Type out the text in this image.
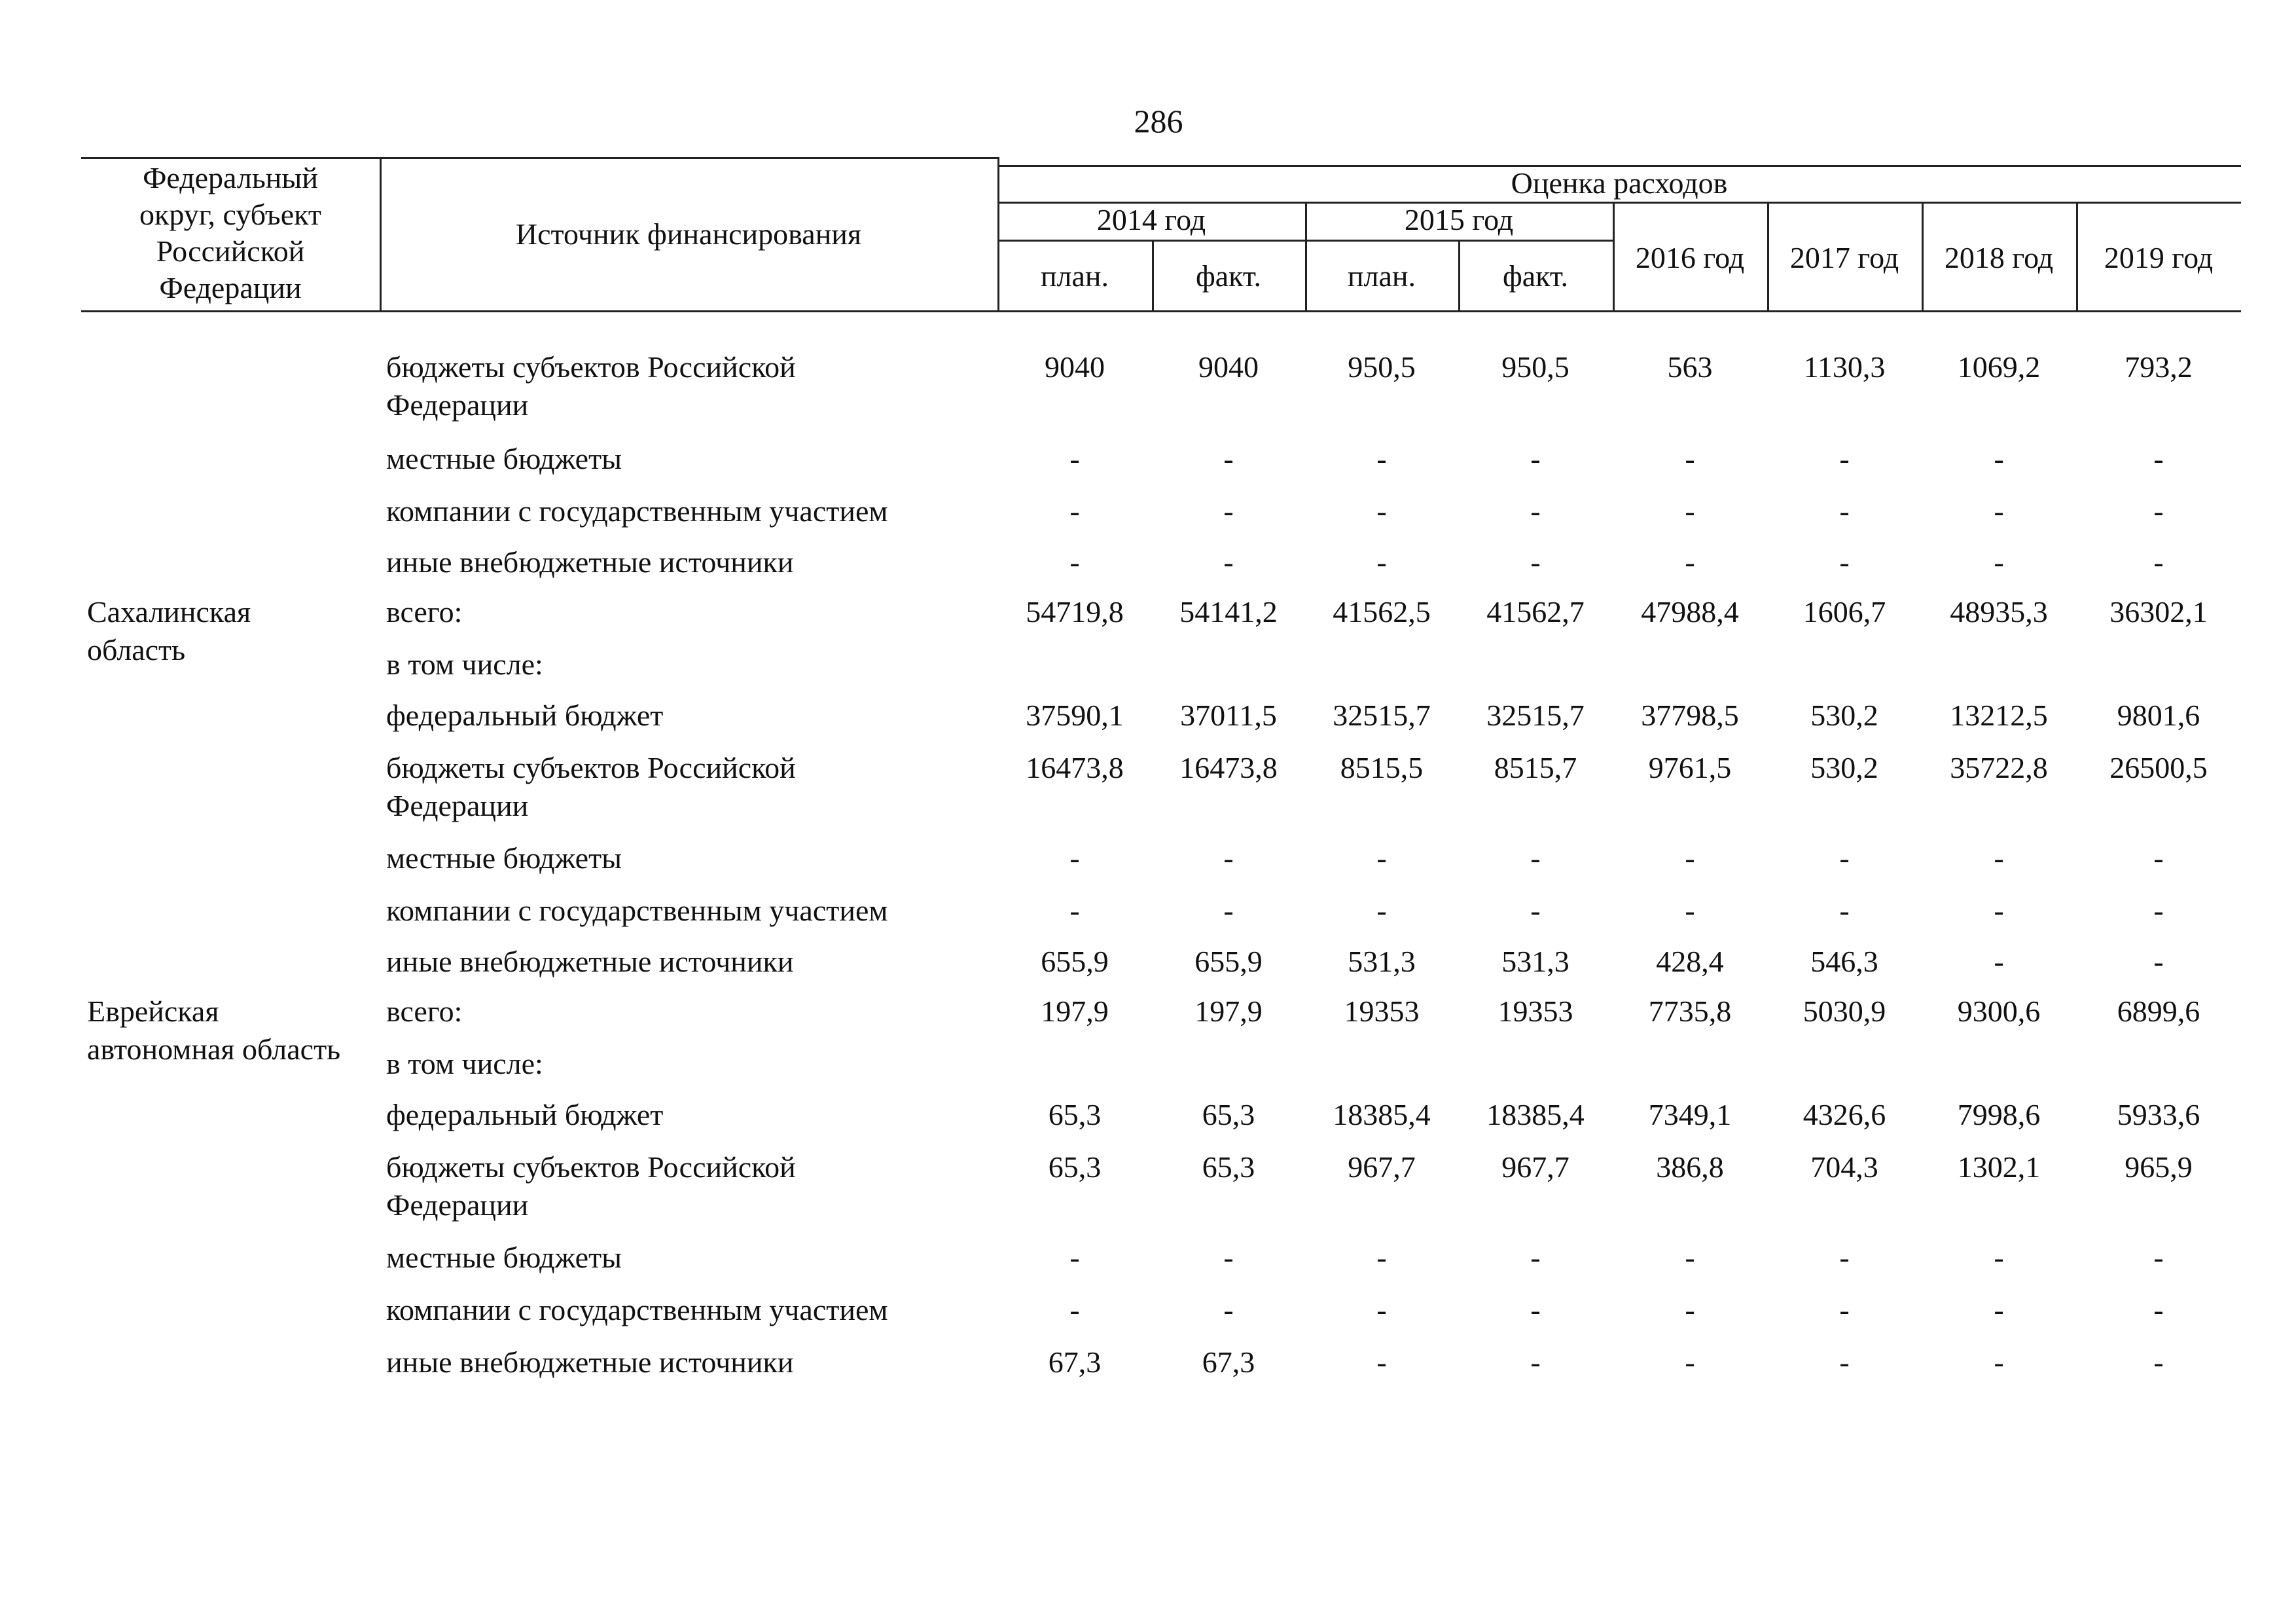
286
Федеральный
округ, субъект
Российской
Федерации
Источник финансирования
Оценка расходов
2014 год	2015 год
план.	факт.	план.	факт.
2016 год	2017 год	2018 год	2019 год
бюджеты субъектов Российской
Федерации
9040	9040	950,5	950,5	563	1130,3	1069,2	793,2
местные бюджеты	-	-	-	-	-	-	-	-
компании с государственным участием	-	-	-	-	-	-	-	-
иные внебюджетные источники	-	-	-	-	-	-	-	-
Сахалинская
область
всего:	54719,8	54141,2	41562,5	41562,7	47988,4	1606,7	48935,3	36302,1
в том числе:
федеральный бюджет	37590,1	37011,5	32515,7	32515,7	37798,5	530,2	13212,5	9801,6
бюджеты субъектов Российской
Федерации
16473,8	16473,8	8515,5	8515,7	9761,5	530,2	35722,8	26500,5
местные бюджеты	-	-	-	-	-	-	-	-
компании с государственным участием	-	-	-	-	-	-	-	-
иные внебюджетные источники	655,9	655,9	531,3	531,3	428,4	546,3	-	-
Еврейская
автономная область
всего:	197,9	197,9	19353	19353	7735,8	5030,9	9300,6	6899,6
в том числе:
федеральный бюджет	65,3	65,3	18385,4	18385,4	7349,1	4326,6	7998,6	5933,6
бюджеты субъектов Российской
Федерации
65,3	65,3	967,7	967,7	386,8	704,3	1302,1	965,9
местные бюджеты	-	-	-	-	-	-	-	-
компании с государственным участием	-	-	-	-	-	-	-	-
иные внебюджетные источники	67,3	67,3	-	-	-	-	-	-
